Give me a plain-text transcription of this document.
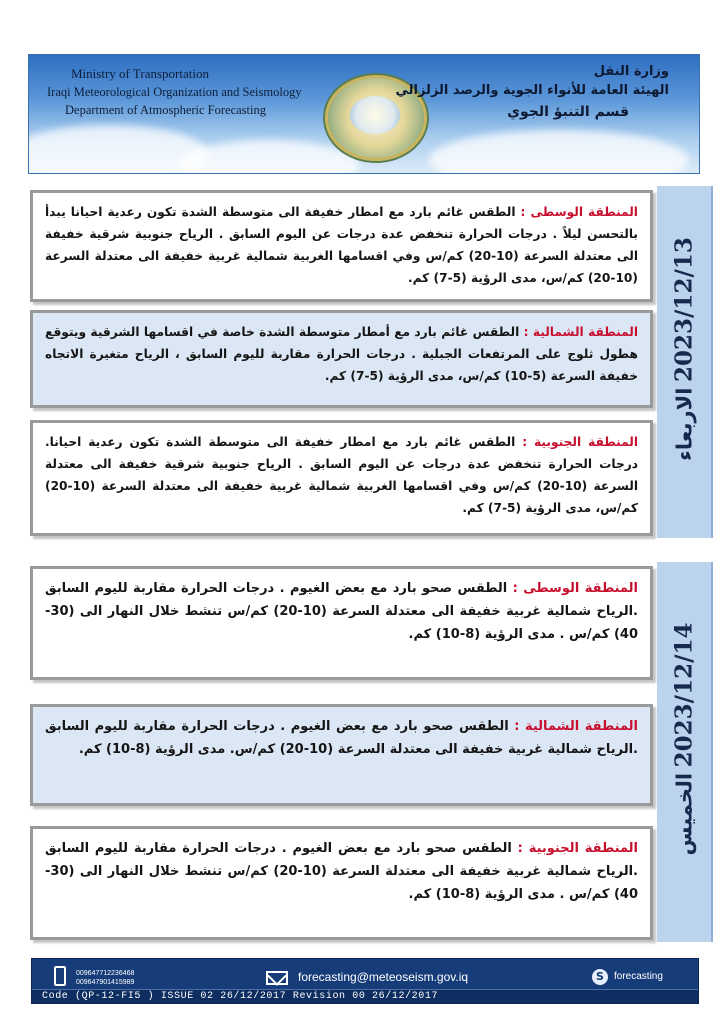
Ministry of Transportation
Iraqi Meteorological Organization and Seismology
Department of Atmospheric Forecasting
وزارة النقل
الهيئة العامة للأنواء الجوية والرصد الزلزالي
قسم التنبؤ الجوي
2023/12/13 الاربعاء
المنطقة الوسطى : الطقس غائم بارد مع امطار خفيفة الى متوسطة الشدة تكون رعدية احيانا يبدأ بالتحسن ليلاً . درجات الحرارة تنخفض عدة درجات عن اليوم السابق . الرياح جنوبية شرقية خفيفة الى معتدلة السرعة (10-20) كم/س وفي اقسامها الغربية شمالية غربية خفيفة الى معتدلة السرعة (10-20) كم/س، مدى الرؤية (5-7) كم.
المنطقة الشمالية : الطقس غائم بارد مع أمطار متوسطة الشدة خاصة في اقسامها الشرقية ويتوقع هطول ثلوج على المرتفعات الجبلية . درجات الحرارة مقاربة لليوم السابق ، الرياح متغيرة الاتجاه خفيفة السرعة (5-10) كم/س، مدى الرؤية (5-7) كم.
المنطقة الجنوبية : الطقس غائم بارد مع امطار خفيفة الى متوسطة الشدة تكون رعدية احيانا. درجات الحرارة تنخفض عدة درجات عن اليوم السابق . الرياح جنوبية شرقية خفيفة الى معتدلة السرعة (10-20) كم/س وفي اقسامها الغربية شمالية غربية خفيفة الى معتدلة السرعة (10-20) كم/س، مدى الرؤية (5-7) كم.
2023/12/14 الخميس
المنطقة الوسطى : الطقس صحو بارد مع بعض الغيوم . درجات الحرارة مقاربة لليوم السابق .الرياح شمالية غربية خفيفة الى معتدلة السرعة (10-20) كم/س تنشط خلال النهار الى (30-40) كم/س . مدى الرؤية (8-10) كم.
المنطقة الشمالية : الطقس صحو بارد مع بعض الغيوم . درجات الحرارة مقاربة لليوم السابق .الرياح شمالية غربية خفيفة الى معتدلة السرعة (10-20) كم/س. مدى الرؤية (8-10) كم.
المنطقة الجنوبية : الطقس صحو بارد مع بعض الغيوم . درجات الحرارة مقاربة لليوم السابق .الرياح شمالية غربية خفيفة الى معتدلة السرعة (10-20) كم/س تنشط خلال النهار الى (30-40) كم/س . مدى الرؤية (8-10) كم.
009647712236468
009647901415989	forecasting@meteoseism.gov.iq	S	forecasting
Code (QP-12-FI5 ) ISSUE 02 26/12/2017 Revision 00 26/12/2017
